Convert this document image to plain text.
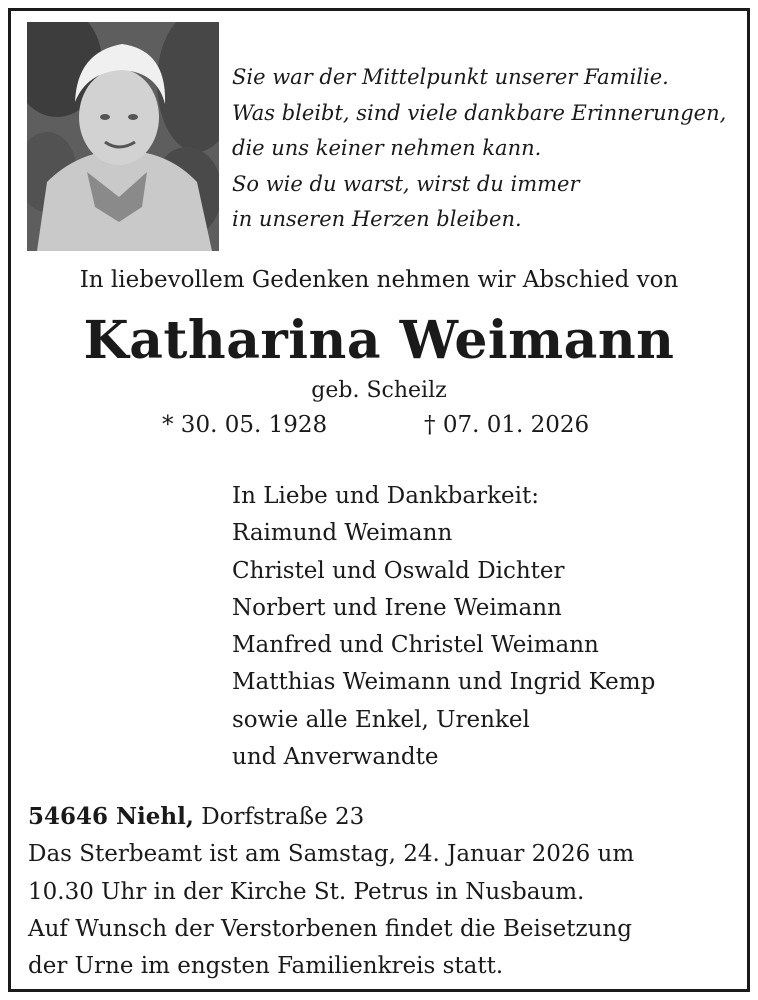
Sie war der Mittelpunkt unserer Familie.
Was bleibt, sind viele dankbare Erinnerungen,
die uns keiner nehmen kann.
So wie du warst, wirst du immer
in unseren Herzen bleiben.
In liebevollem Gedenken nehmen wir Abschied von
Katharina Weimann
geb. Scheilz
* 30. 05. 1928	† 07. 01. 2026
In Liebe und Dankbarkeit:
Raimund Weimann
Christel und Oswald Dichter
Norbert und Irene Weimann
Manfred und Christel Weimann
Matthias Weimann und Ingrid Kemp
sowie alle Enkel, Urenkel
und Anverwandte
54646 Niehl, Dorfstraße 23
Das Sterbeamt ist am Samstag, 24. Januar 2026 um
10.30 Uhr in der Kirche St. Petrus in Nusbaum.
Auf Wunsch der Verstorbenen findet die Beisetzung
der Urne im engsten Familienkreis statt.
